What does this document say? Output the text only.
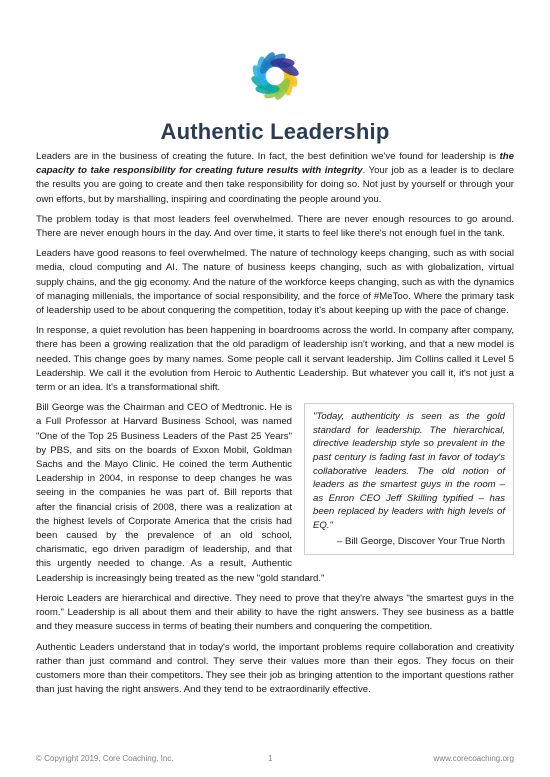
Authentic Leadership

Leaders are in the business of creating the future. In fact, the best definition we've found for leadership is the capacity to take responsibility for creating future results with integrity. Your job as a leader is to declare the results you are going to create and then take responsibility for doing so. Not just by yourself or through your own efforts, but by marshalling, inspiring and coordinating the people around you.

The problem today is that most leaders feel overwhelmed. There are never enough resources to go around. There are never enough hours in the day. And over time, it starts to feel like there's not enough fuel in the tank.

Leaders have good reasons to feel overwhelmed. The nature of technology keeps changing, such as with social media, cloud computing and AI. The nature of business keeps changing, such as with globalization, virtual supply chains, and the gig economy. And the nature of the workforce keeps changing, such as with the dynamics of managing millenials, the importance of social responsibility, and the force of #MeToo. Where the primary task of leadership used to be about conquering the competition, today it's about keeping up with the pace of change.

In response, a quiet revolution has been happening in boardrooms across the world. In company after company, there has been a growing realization that the old paradigm of leadership isn't working, and that a new model is needed. This change goes by many names. Some people call it servant leadership. Jim Collins called it Level 5 Leadership. We call it the evolution from Heroic to Authentic Leadership. But whatever you call it, it's not just a term or an idea. It's a transformational shift.

"Today, authenticity is seen as the gold standard for leadership. The hierarchical, directive leadership style so prevalent in the past century is fading fast in favor of today's collaborative leaders. The old notion of leaders as the smartest guys in the room – as Enron CEO Jeff Skilling typified – has been replaced by leaders with high levels of EQ."
– Bill George, Discover Your True North

Bill George was the Chairman and CEO of Medtronic. He is a Full Professor at Harvard Business School, was named "One of the Top 25 Business Leaders of the Past 25 Years" by PBS, and sits on the boards of Exxon Mobil, Goldman Sachs and the Mayo Clinic. He coined the term Authentic Leadership in 2004, in response to deep changes he was seeing in the companies he was part of. Bill reports that after the financial crisis of 2008, there was a realization at the highest levels of Corporate America that the crisis had been caused by the prevalence of an old school, charismatic, ego driven paradigm of leadership, and that this urgently needed to change. As a result, Authentic Leadership is increasingly being treated as the new "gold standard."

Heroic Leaders are hierarchical and directive. They need to prove that they're always "the smartest guys in the room." Leadership is all about them and their ability to have the right answers. They see business as a battle and they measure success in terms of beating their numbers and conquering the competition.

Authentic Leaders understand that in today's world, the important problems require collaboration and creativity rather than just command and control. They serve their values more than their egos. They focus on their customers more than their competitors. They see their job as bringing attention to the important questions rather than just having the right answers. And they tend to be extraordinarily effective.

© Copyright 2019, Core Coaching, Inc.	1	www.corecoaching.org
